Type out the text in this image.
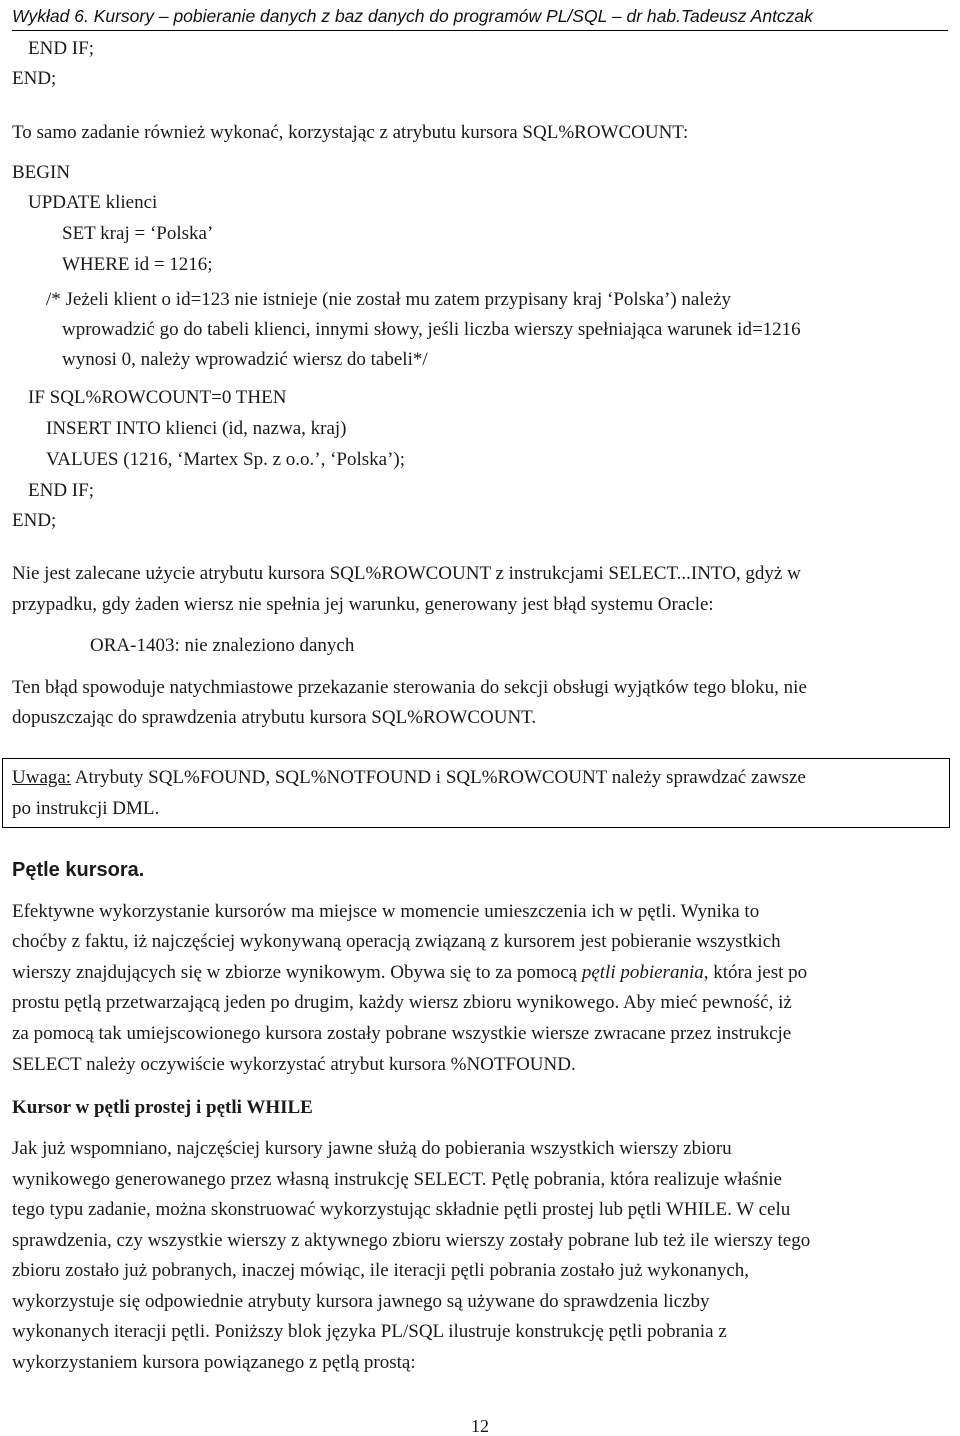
Wykład 6. Kursory – pobieranie danych z baz danych do programów PL/SQL – dr hab.Tadeusz Antczak
END IF;
END;
To samo zadanie również wykonać, korzystając z atrybutu kursora SQL%ROWCOUNT:
BEGIN
UPDATE klienci
SET kraj = ‘Polska’
WHERE id = 1216;
/* Jeżeli klient o id=123 nie istnieje (nie został mu zatem przypisany kraj ‘Polska’) należy
wprowadzić go do tabeli klienci, innymi słowy, jeśli liczba wierszy spełniająca warunek id=1216
wynosi 0, należy wprowadzić wiersz do tabeli*/
IF SQL%ROWCOUNT=0 THEN
INSERT INTO klienci (id, nazwa, kraj)
VALUES (1216, ‘Martex Sp. z o.o.’, ‘Polska’);
END IF;
END;
Nie jest zalecane użycie atrybutu kursora SQL%ROWCOUNT z instrukcjami SELECT...INTO, gdyż w
przypadku, gdy żaden wiersz nie spełnia jej warunku, generowany jest błąd systemu Oracle:
ORA-1403: nie znaleziono danych
Ten błąd spowoduje natychmiastowe przekazanie sterowania do sekcji obsługi wyjątków tego bloku, nie
dopuszczając do sprawdzenia atrybutu kursora SQL%ROWCOUNT.
Uwaga: Atrybuty SQL%FOUND, SQL%NOTFOUND i SQL%ROWCOUNT należy sprawdzać zawsze
po instrukcji DML.
Pętle kursora.
Efektywne wykorzystanie kursorów ma miejsce w momencie umieszczenia ich w pętli. Wynika to
choćby z faktu, iż najczęściej wykonywaną operacją związaną z kursorem jest pobieranie wszystkich
wierszy znajdujących się w zbiorze wynikowym. Obywa się to za pomocą pętli pobierania, która jest po
prostu pętlą przetwarzającą jeden po drugim, każdy wiersz zbioru wynikowego. Aby mieć pewność, iż
za pomocą tak umiejscowionego kursora zostały pobrane wszystkie wiersze zwracane przez instrukcje
SELECT należy oczywiście wykorzystać atrybut kursora %NOTFOUND.
Kursor w pętli prostej i pętli WHILE
Jak już wspomniano, najczęściej kursory jawne służą do pobierania wszystkich wierszy zbioru
wynikowego generowanego przez własną instrukcję SELECT. Pętlę pobrania, która realizuje właśnie
tego typu zadanie, można skonstruować wykorzystując składnie pętli prostej lub pętli WHILE. W celu
sprawdzenia, czy wszystkie wierszy z aktywnego zbioru wierszy zostały pobrane lub też ile wierszy tego
zbioru zostało już pobranych, inaczej mówiąc, ile iteracji pętli pobrania zostało już wykonanych,
wykorzystuje się odpowiednie atrybuty kursora jawnego są używane do sprawdzenia liczby
wykonanych iteracji pętli. Poniższy blok języka PL/SQL ilustruje konstrukcję pętli pobrania z
wykorzystaniem kursora powiązanego z pętlą prostą:
12
